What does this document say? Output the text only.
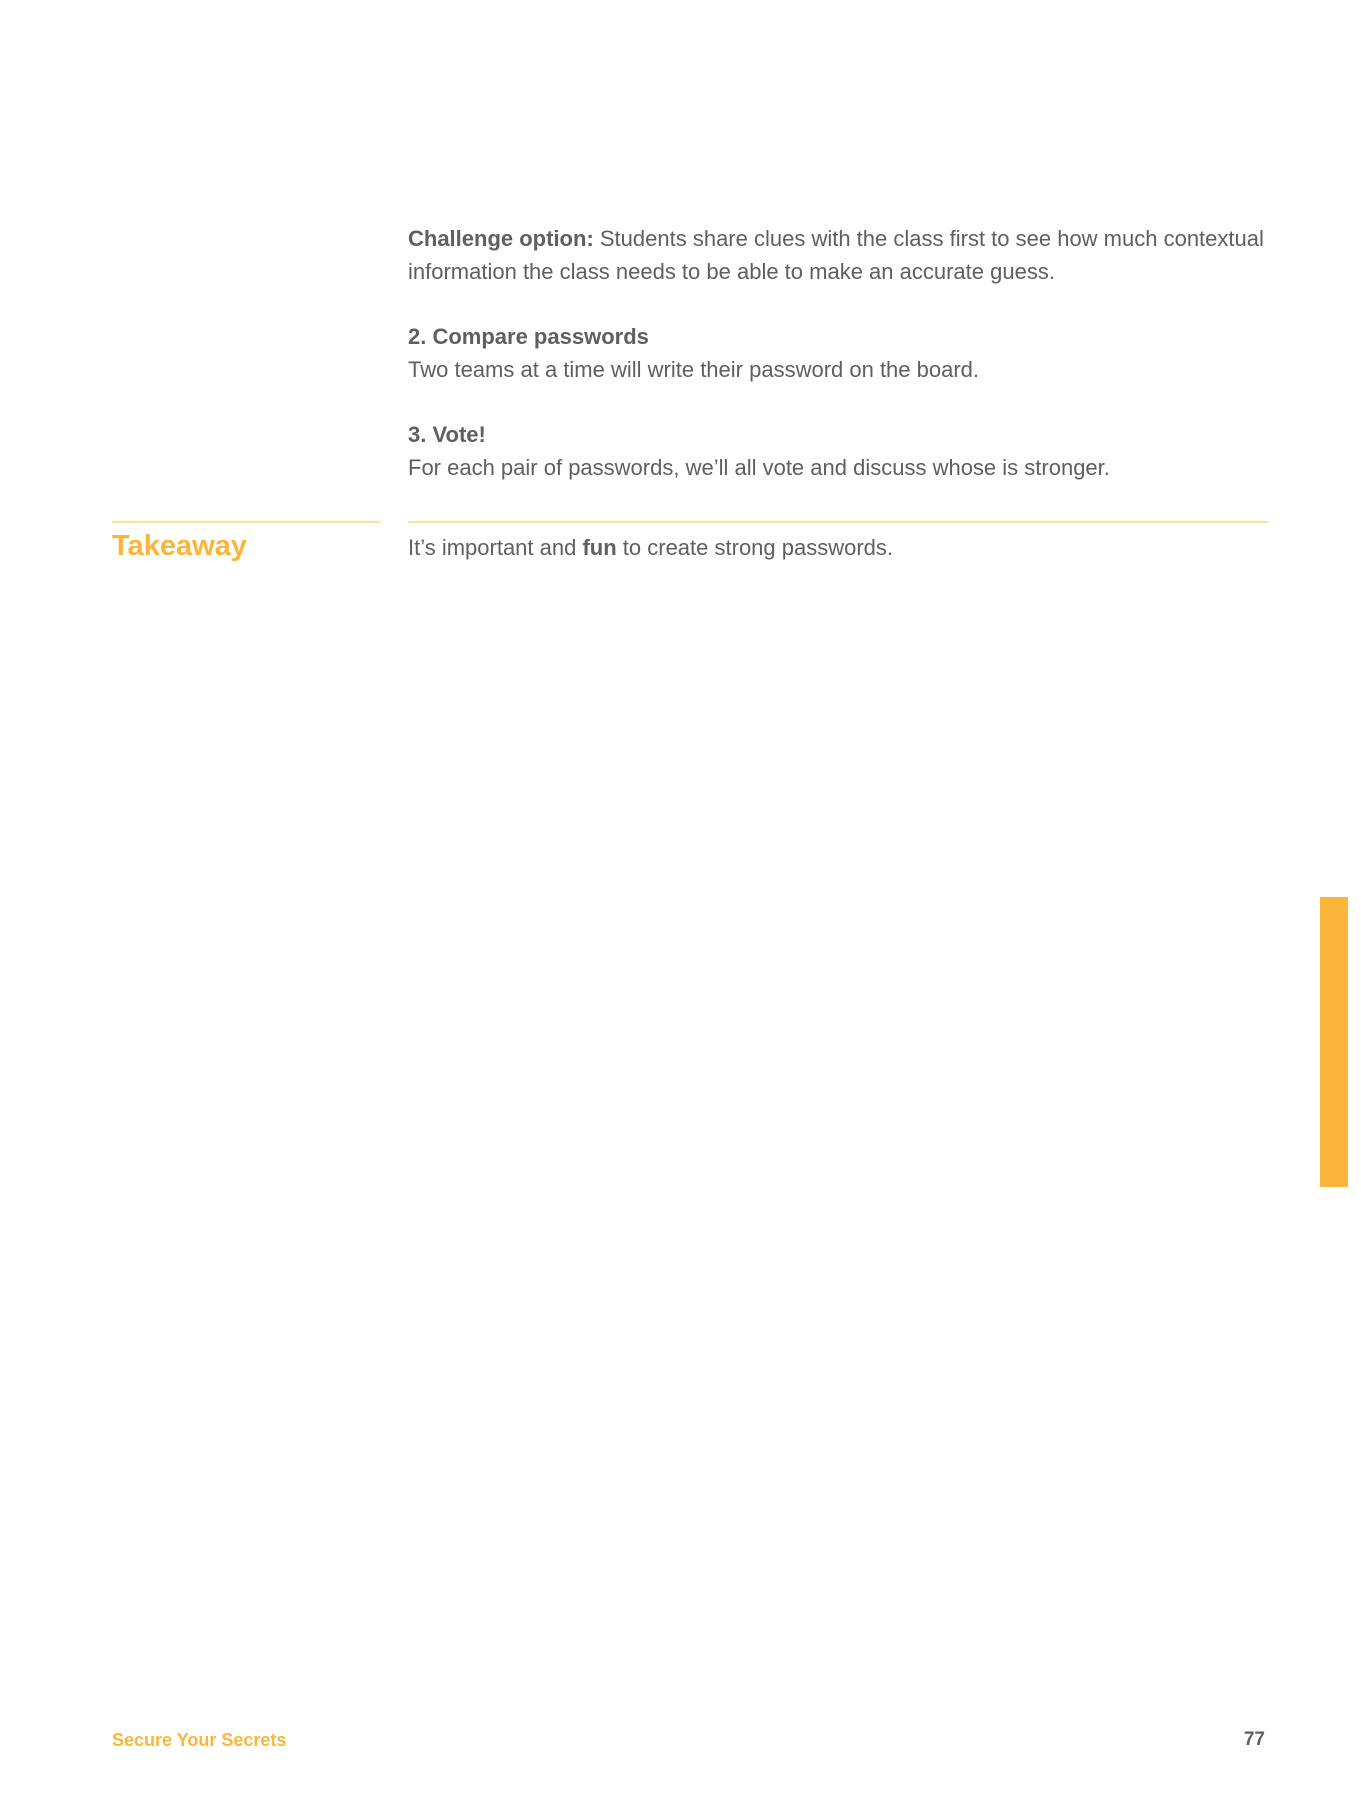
Challenge option: Students share clues with the class first to see how much contextual information the class needs to be able to make an accurate guess.
2. Compare passwords
Two teams at a time will write their password on the board.
3. Vote!
For each pair of passwords, we’ll all vote and discuss whose is stronger.
Takeaway	It’s important and fun to create strong passwords.
Secure Your Secrets	77
